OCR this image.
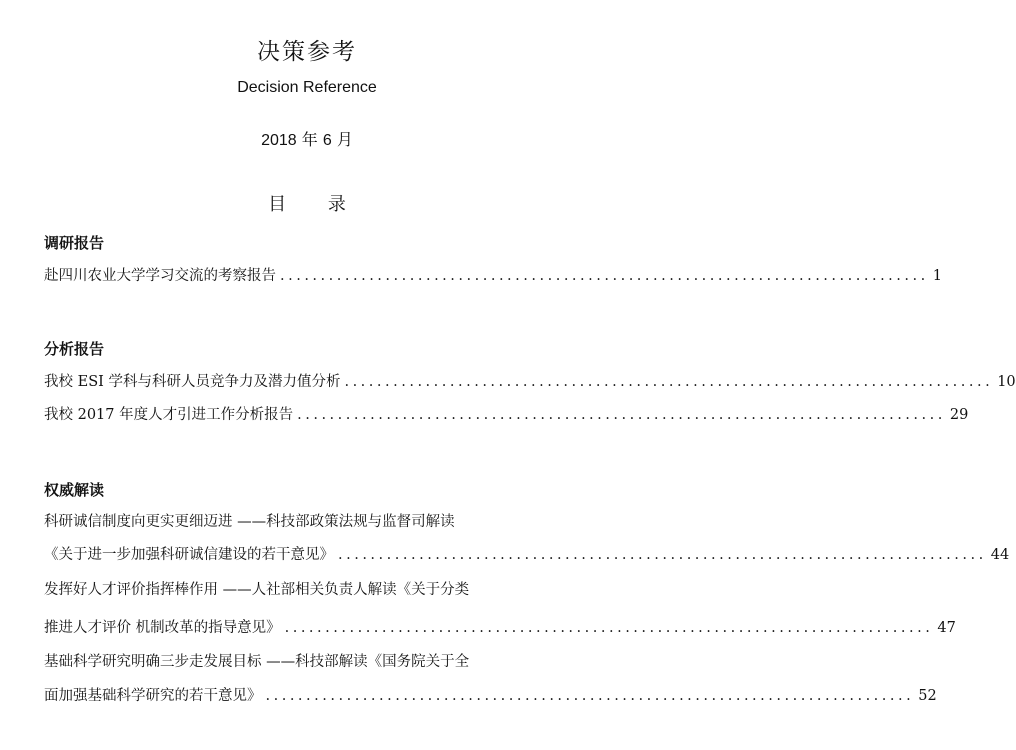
决策参考
Decision Reference
2018 年 6 月
目 录
调研报告
赴四川农业大学学习交流的考察报告 ................................................................................ 1
分析报告
我校 ESI 学科与科研人员竞争力及潜力值分析 ................................................................................ 10
我校 2017 年度人才引进工作分析报告 ................................................................................ 29
权威解读
科研诚信制度向更实更细迈进 ——科技部政策法规与监督司解读
《关于进一步加强科研诚信建设的若干意见》 ................................................................................ 44
发挥好人才评价指挥棒作用 ——人社部相关负责人解读《关于分类
推进人才评价 机制改革的指导意见》 ................................................................................ 47
基础科学研究明确三步走发展目标 ——科技部解读《国务院关于全
面加强基础科学研究的若干意见》 ................................................................................ 52
